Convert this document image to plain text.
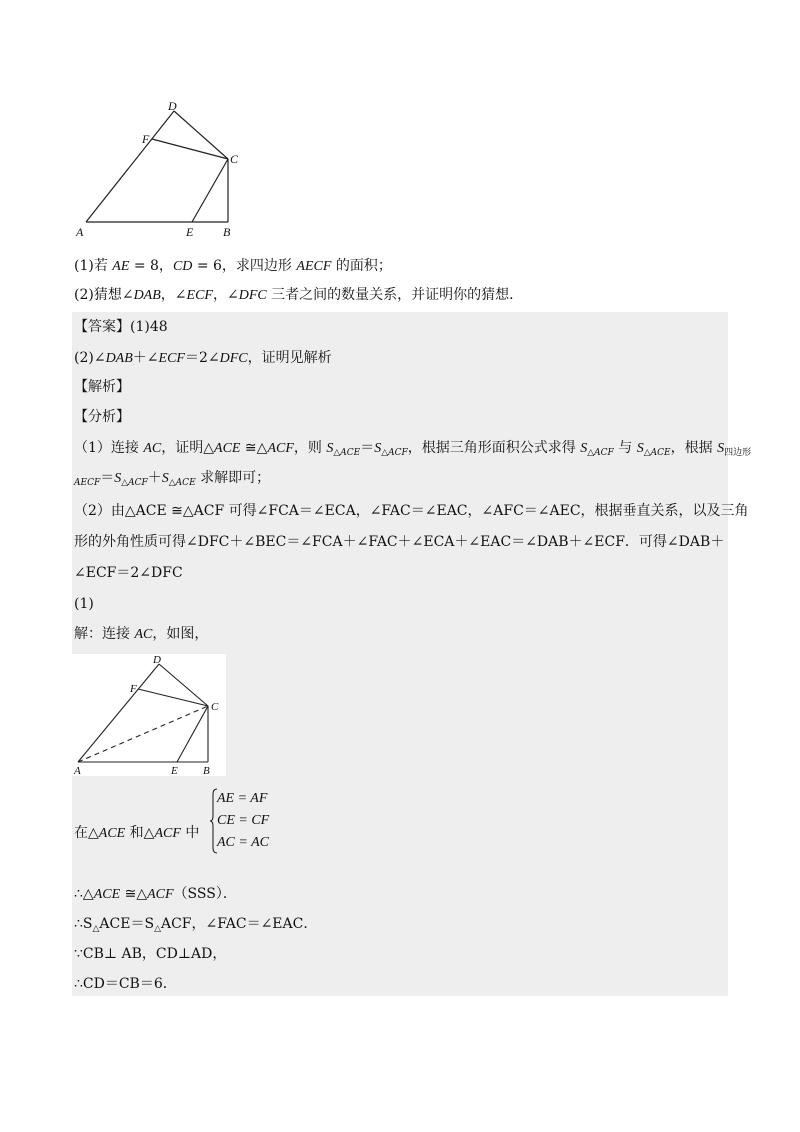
A	B
C
D
E
F
(1)若 AE = 8，CD = 6，求四边形 AECF 的面积；
(2)猜想∠DAB，∠ECF，∠DFC 三者之间的数量关系，并证明你的猜想．
【答案】(1)48
(2)∠DAB＋∠ECF＝2∠DFC，证明见解析
【解析】
【分析】
（1）连接 AC，证明△ACE ≅△ACF，则 $S_{\triangle ACE}=S_{\triangle ACF}$，根据三角形面积公式求得 $S_{\triangle ACF}$ 与 $S_{\triangle ACE}$，根据 $S_{四边形}$
$_{AECF}=S_{\triangle ACF}+S_{\triangle ACE}$ 求解即可；
（2）由△ACE ≅△ACF 可得∠FCA＝∠ECA，∠FAC＝∠EAC，∠AFC＝∠AEC，根据垂直关系，以及三角
形的外角性质可得∠DFC＋∠BEC＝∠FCA＋∠FAC＋∠ECA＋∠EAC＝∠DAB＋∠ECF．可得∠DAB＋
∠ECF＝2∠DFC
(1)
解：连接 AC，如图，
A	B
C
D
E
F
在△ACE 和△ACF 中
AE = AF
CE = CF
AC = AC
∴△ACE ≅△ACF（SSS）．
$\therefore S_\triangle ACE=S_\triangle ACF$，∠FAC＝∠EAC．
∵CB⊥ AB，CD⊥AD，
∴CD＝CB＝6．
